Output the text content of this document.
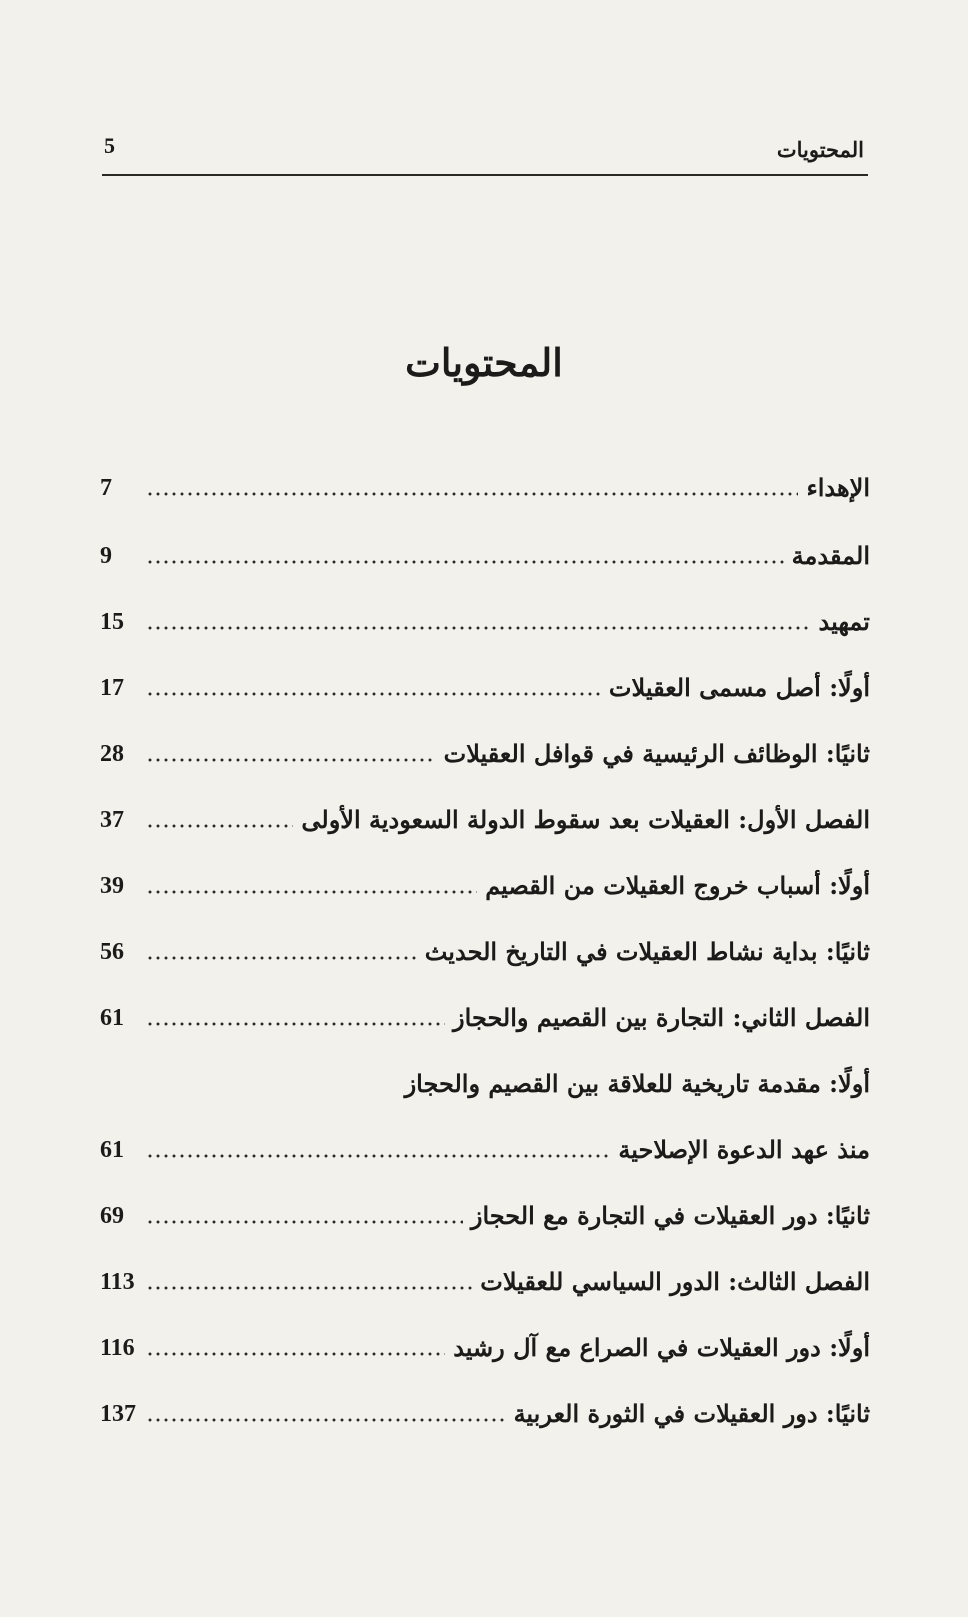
المحتويات
5
المحتويات
الإهداء
7
المقدمة
9
تمهيد
15
أولًا: أصل مسمى العقيلات
17
ثانيًا: الوظائف الرئيسية في قوافل العقيلات
28
الفصل الأول: العقيلات بعد سقوط الدولة السعودية الأولى
37
أولًا: أسباب خروج العقيلات من القصيم
39
ثانيًا: بداية نشاط العقيلات في التاريخ الحديث
56
الفصل الثاني: التجارة بين القصيم والحجاز
61
أولًا: مقدمة تاريخية للعلاقة بين القصيم والحجاز
منذ عهد الدعوة الإصلاحية
61
ثانيًا: دور العقيلات في التجارة مع الحجاز
69
الفصل الثالث: الدور السياسي للعقيلات
113
أولًا: دور العقيلات في الصراع مع آل رشيد
116
ثانيًا: دور العقيلات في الثورة العربية
137
